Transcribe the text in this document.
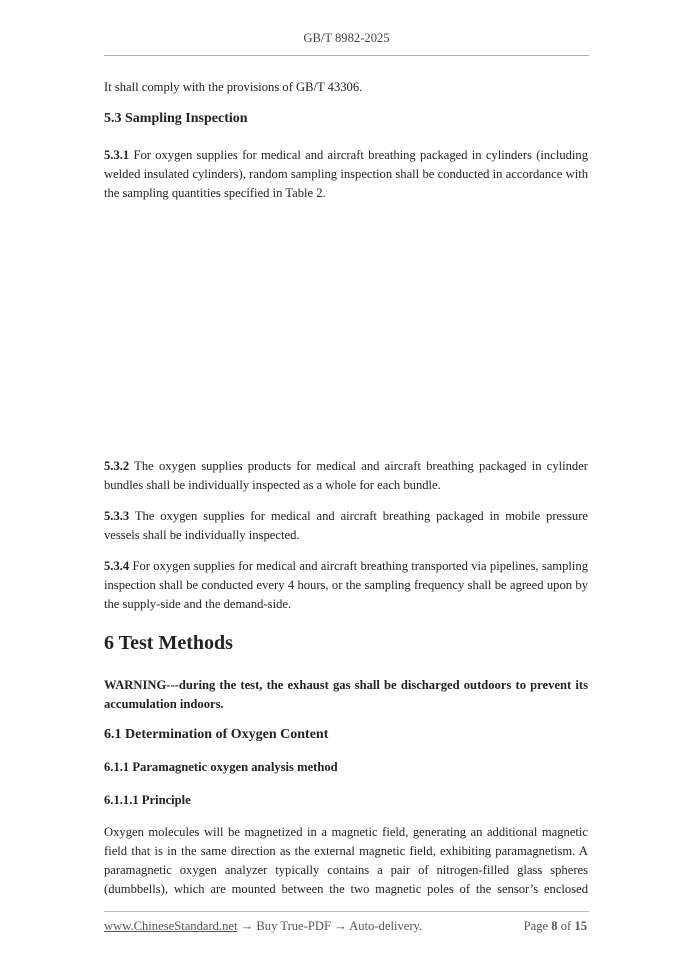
GB/T 8982-2025
It shall comply with the provisions of GB/T 43306.
5.3 Sampling Inspection
5.3.1 For oxygen supplies for medical and aircraft breathing packaged in cylinders (including
welded insulated cylinders), random sampling inspection shall be conducted in accordance with
the sampling quantities specified in Table 2.
5.3.2 The oxygen supplies products for medical and aircraft breathing packaged in cylinder
bundles shall be individually inspected as a whole for each bundle.
5.3.3 The oxygen supplies for medical and aircraft breathing packaged in mobile pressure
vessels shall be individually inspected.
5.3.4 For oxygen supplies for medical and aircraft breathing transported via pipelines, sampling
inspection shall be conducted every 4 hours, or the sampling frequency shall be agreed upon by
the supply-side and the demand-side.
6 Test Methods
WARNING---during the test, the exhaust gas shall be discharged outdoors to prevent its
accumulation indoors.
6.1 Determination of Oxygen Content
6.1.1 Paramagnetic oxygen analysis method
6.1.1.1 Principle
Oxygen molecules will be magnetized in a magnetic field, generating an additional magnetic
field that is in the same direction as the external magnetic field, exhibiting paramagnetism. A
paramagnetic oxygen analyzer typically contains a pair of nitrogen-filled glass spheres
(dumbbells), which are mounted between the two magnetic poles of the sensor’s enclosed
www.ChineseStandard.net → Buy True-PDF → Auto-delivery.	Page 8 of 15
